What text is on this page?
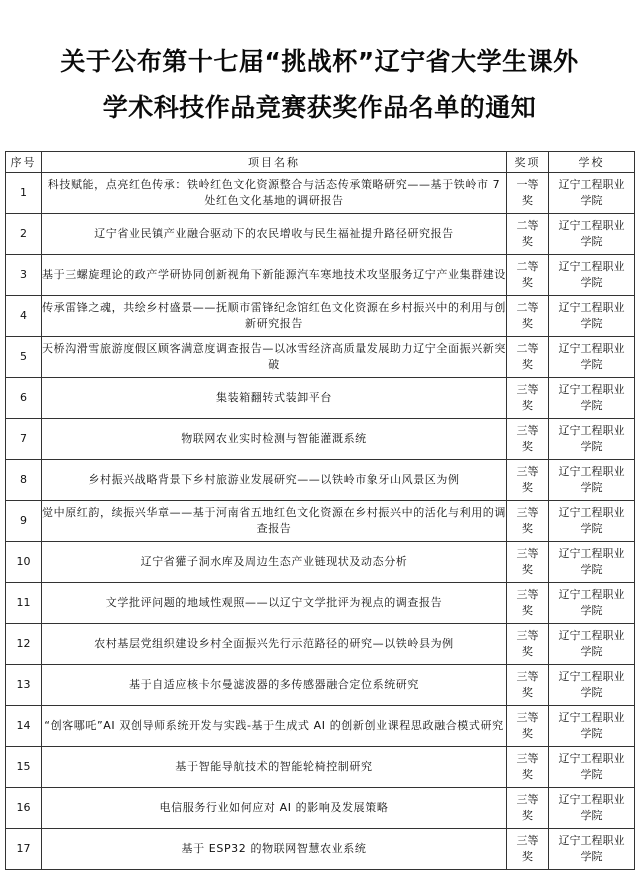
关于公布第十七届“挑战杯”辽宁省大学生课外
学术科技作品竞赛获奖作品名单的通知
序号	项目名称	奖项	学校
1	科技赋能，点亮红色传承：铁岭红色文化资源整合与活态传承策略研究——基于铁岭市 7 处红色文化基地的调研报告	一等奖	辽宁工程职业学院

2	辽宁省业民镇产业融合驱动下的农民增收与民生福祉提升路径研究报告	二等奖	辽宁工程职业学院

3	基于三螺旋理论的政产学研协同创新视角下新能源汽车寒地技术攻坚服务辽宁产业集群建设	二等奖	辽宁工程职业学院

4	传承雷锋之魂，共绘乡村盛景——抚顺市雷锋纪念馆红色文化资源在乡村振兴中的利用与创新研究报告	二等奖	辽宁工程职业学院

5	天桥沟滑雪旅游度假区顾客满意度调查报告—以冰雪经济高质量发展助力辽宁全面振兴新突破	二等奖	辽宁工程职业学院

6	集装箱翻转式装卸平台	三等奖	辽宁工程职业学院

7	物联网农业实时检测与智能灌溉系统	三等奖	辽宁工程职业学院

8	乡村振兴战略背景下乡村旅游业发展研究——以铁岭市象牙山风景区为例	三等奖	辽宁工程职业学院

9	觉中原红韵，续振兴华章——基于河南省五地红色文化资源在乡村振兴中的活化与利用的调查报告	三等奖	辽宁工程职业学院

10	辽宁省獾子洞水库及周边生态产业链现状及动态分析	三等奖	辽宁工程职业学院

11	文学批评问题的地域性观照——以辽宁文学批评为视点的调查报告	三等奖	辽宁工程职业学院

12	农村基层党组织建设乡村全面振兴先行示范路径的研究—以铁岭县为例	三等奖	辽宁工程职业学院

13	基于自适应核卡尔曼滤波器的多传感器融合定位系统研究	三等奖	辽宁工程职业学院

14	“创客哪吒”AI 双创导师系统开发与实践-基于生成式 AI 的创新创业课程思政融合模式研究	三等奖	辽宁工程职业学院

15	基于智能导航技术的智能轮椅控制研究	三等奖	辽宁工程职业学院

16	电信服务行业如何应对 AI 的影响及发展策略	三等奖	辽宁工程职业学院

17	基于 ESP32 的物联网智慧农业系统	三等奖	辽宁工程职业学院
